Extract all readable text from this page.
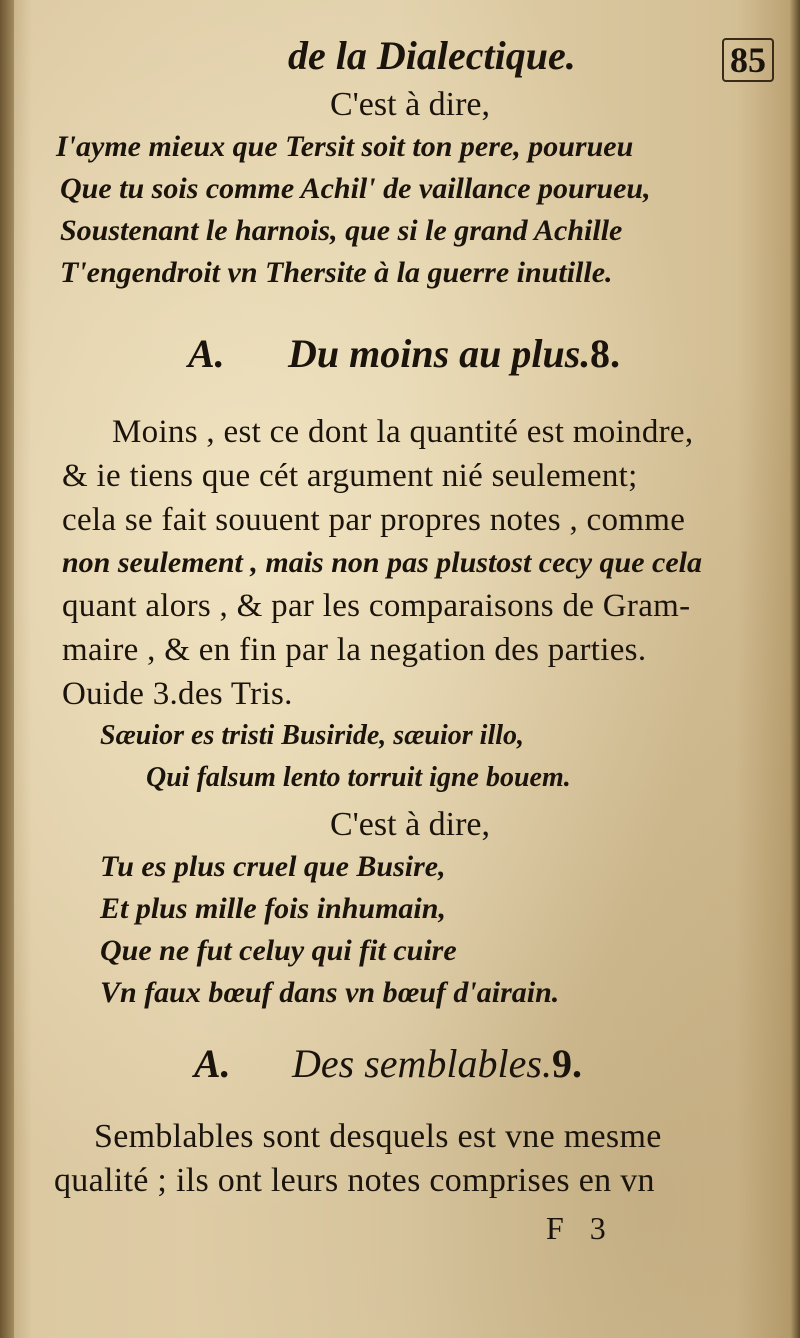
de la Dialectique.	85
C'est à dire,
I'ayme mieux que Tersit soit ton pere, pourueu
Que tu sois comme Achil' de vaillance pourueu,
Soustenant le harnois, que si le grand Achille
T'engendroit vn Thersite à la guerre inutille.
A. Du moins au plus. 8.
Moins , est ce dont la quantité est moindre,
& ie tiens que cét argument nié seulement;
cela se fait souuent par propres notes , comme
non seulement , mais non pas plustost cecy que cela
quant alors , & par les comparaisons de Gram-
maire , & en fin par la negation des parties.
Ouide 3.des Tris.
Sæuior es tristi Busiride, sæuior illo,
Qui falsum lento torruit igne bouem.
C'est à dire,
Tu es plus cruel que Busire,
Et plus mille fois inhumain,
Que ne fut celuy qui fit cuire
Vn faux bœuf dans vn bœuf d'airain.
A. Des semblables. 9.
Semblables sont desquels est vne mesme
qualité ; ils ont leurs notes comprises en vn
F 3
